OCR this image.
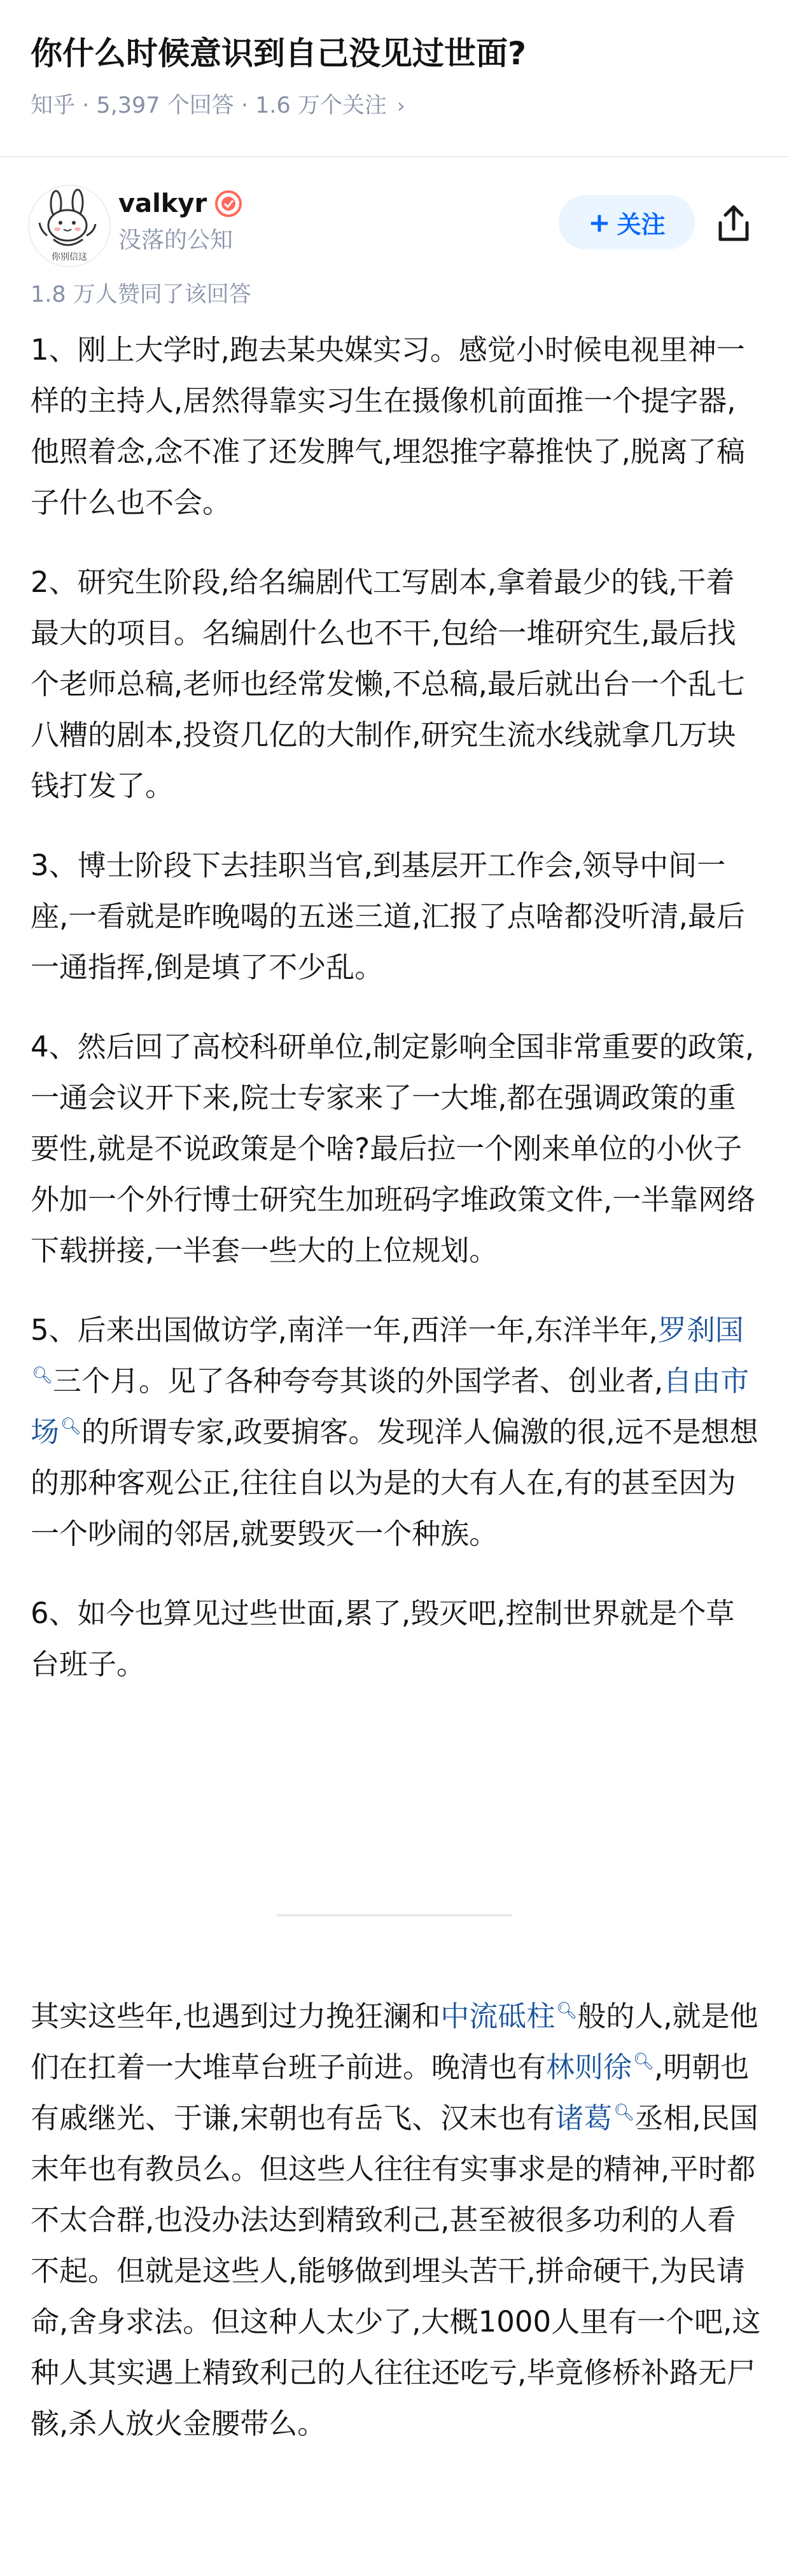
你什么时候意识到自己没见过世面?
知乎 · 5,397 个回答 · 1.6 万个关注 ›
你别信这
valkyr
没落的公知
+ 关注
1.8 万人赞同了该回答

1、刚上大学时,跑去某央媒实习。感觉小时候电视里神一样的主持人,居然得靠实习生在摄像机前面推一个提字器,他照着念,念不准了还发脾气,埋怨推字幕推快了,脱离了稿子什么也不会。

2、研究生阶段,给名编剧代工写剧本,拿着最少的钱,干着最大的项目。名编剧什么也不干,包给一堆研究生,最后找个老师总稿,老师也经常发懒,不总稿,最后就出台一个乱七八糟的剧本,投资几亿的大制作,研究生流水线就拿几万块钱打发了。

3、博士阶段下去挂职当官,到基层开工作会,领导中间一座,一看就是昨晚喝的五迷三道,汇报了点啥都没听清,最后一通指挥,倒是填了不少乱。

4、然后回了高校科研单位,制定影响全国非常重要的政策,一通会议开下来,院士专家来了一大堆,都在强调政策的重要性,就是不说政策是个啥?最后拉一个刚来单位的小伙子外加一个外行博士研究生加班码字堆政策文件,一半靠网络下载拼接,一半套一些大的上位规划。

5、后来出国做访学,南洋一年,西洋一年,东洋半年,罗刹国🔍︎三个月。见了各种夸夸其谈的外国学者、创业者,自由市场🔍︎的所谓专家,政要掮客。发现洋人偏激的很,远不是想想的那种客观公正,往往自以为是的大有人在,有的甚至因为一个吵闹的邻居,就要毁灭一个种族。

6、如今也算见过些世面,累了,毁灭吧,控制世界就是个草台班子。

其实这些年,也遇到过力挽狂澜和中流砥柱🔍︎般的人,就是他们在扛着一大堆草台班子前进。晚清也有林则徐🔍︎,明朝也有戚继光、于谦,宋朝也有岳飞、汉末也有诸葛🔍︎丞相,民国末年也有教员么。但这些人往往有实事求是的精神,平时都不太合群,也没办法达到精致利己,甚至被很多功利的人看不起。但就是这些人,能够做到埋头苦干,拼命硬干,为民请命,舍身求法。但这种人太少了,大概1000人里有一个吧,这种人其实遇上精致利己的人往往还吃亏,毕竟修桥补路无尸骸,杀人放火金腰带么。
